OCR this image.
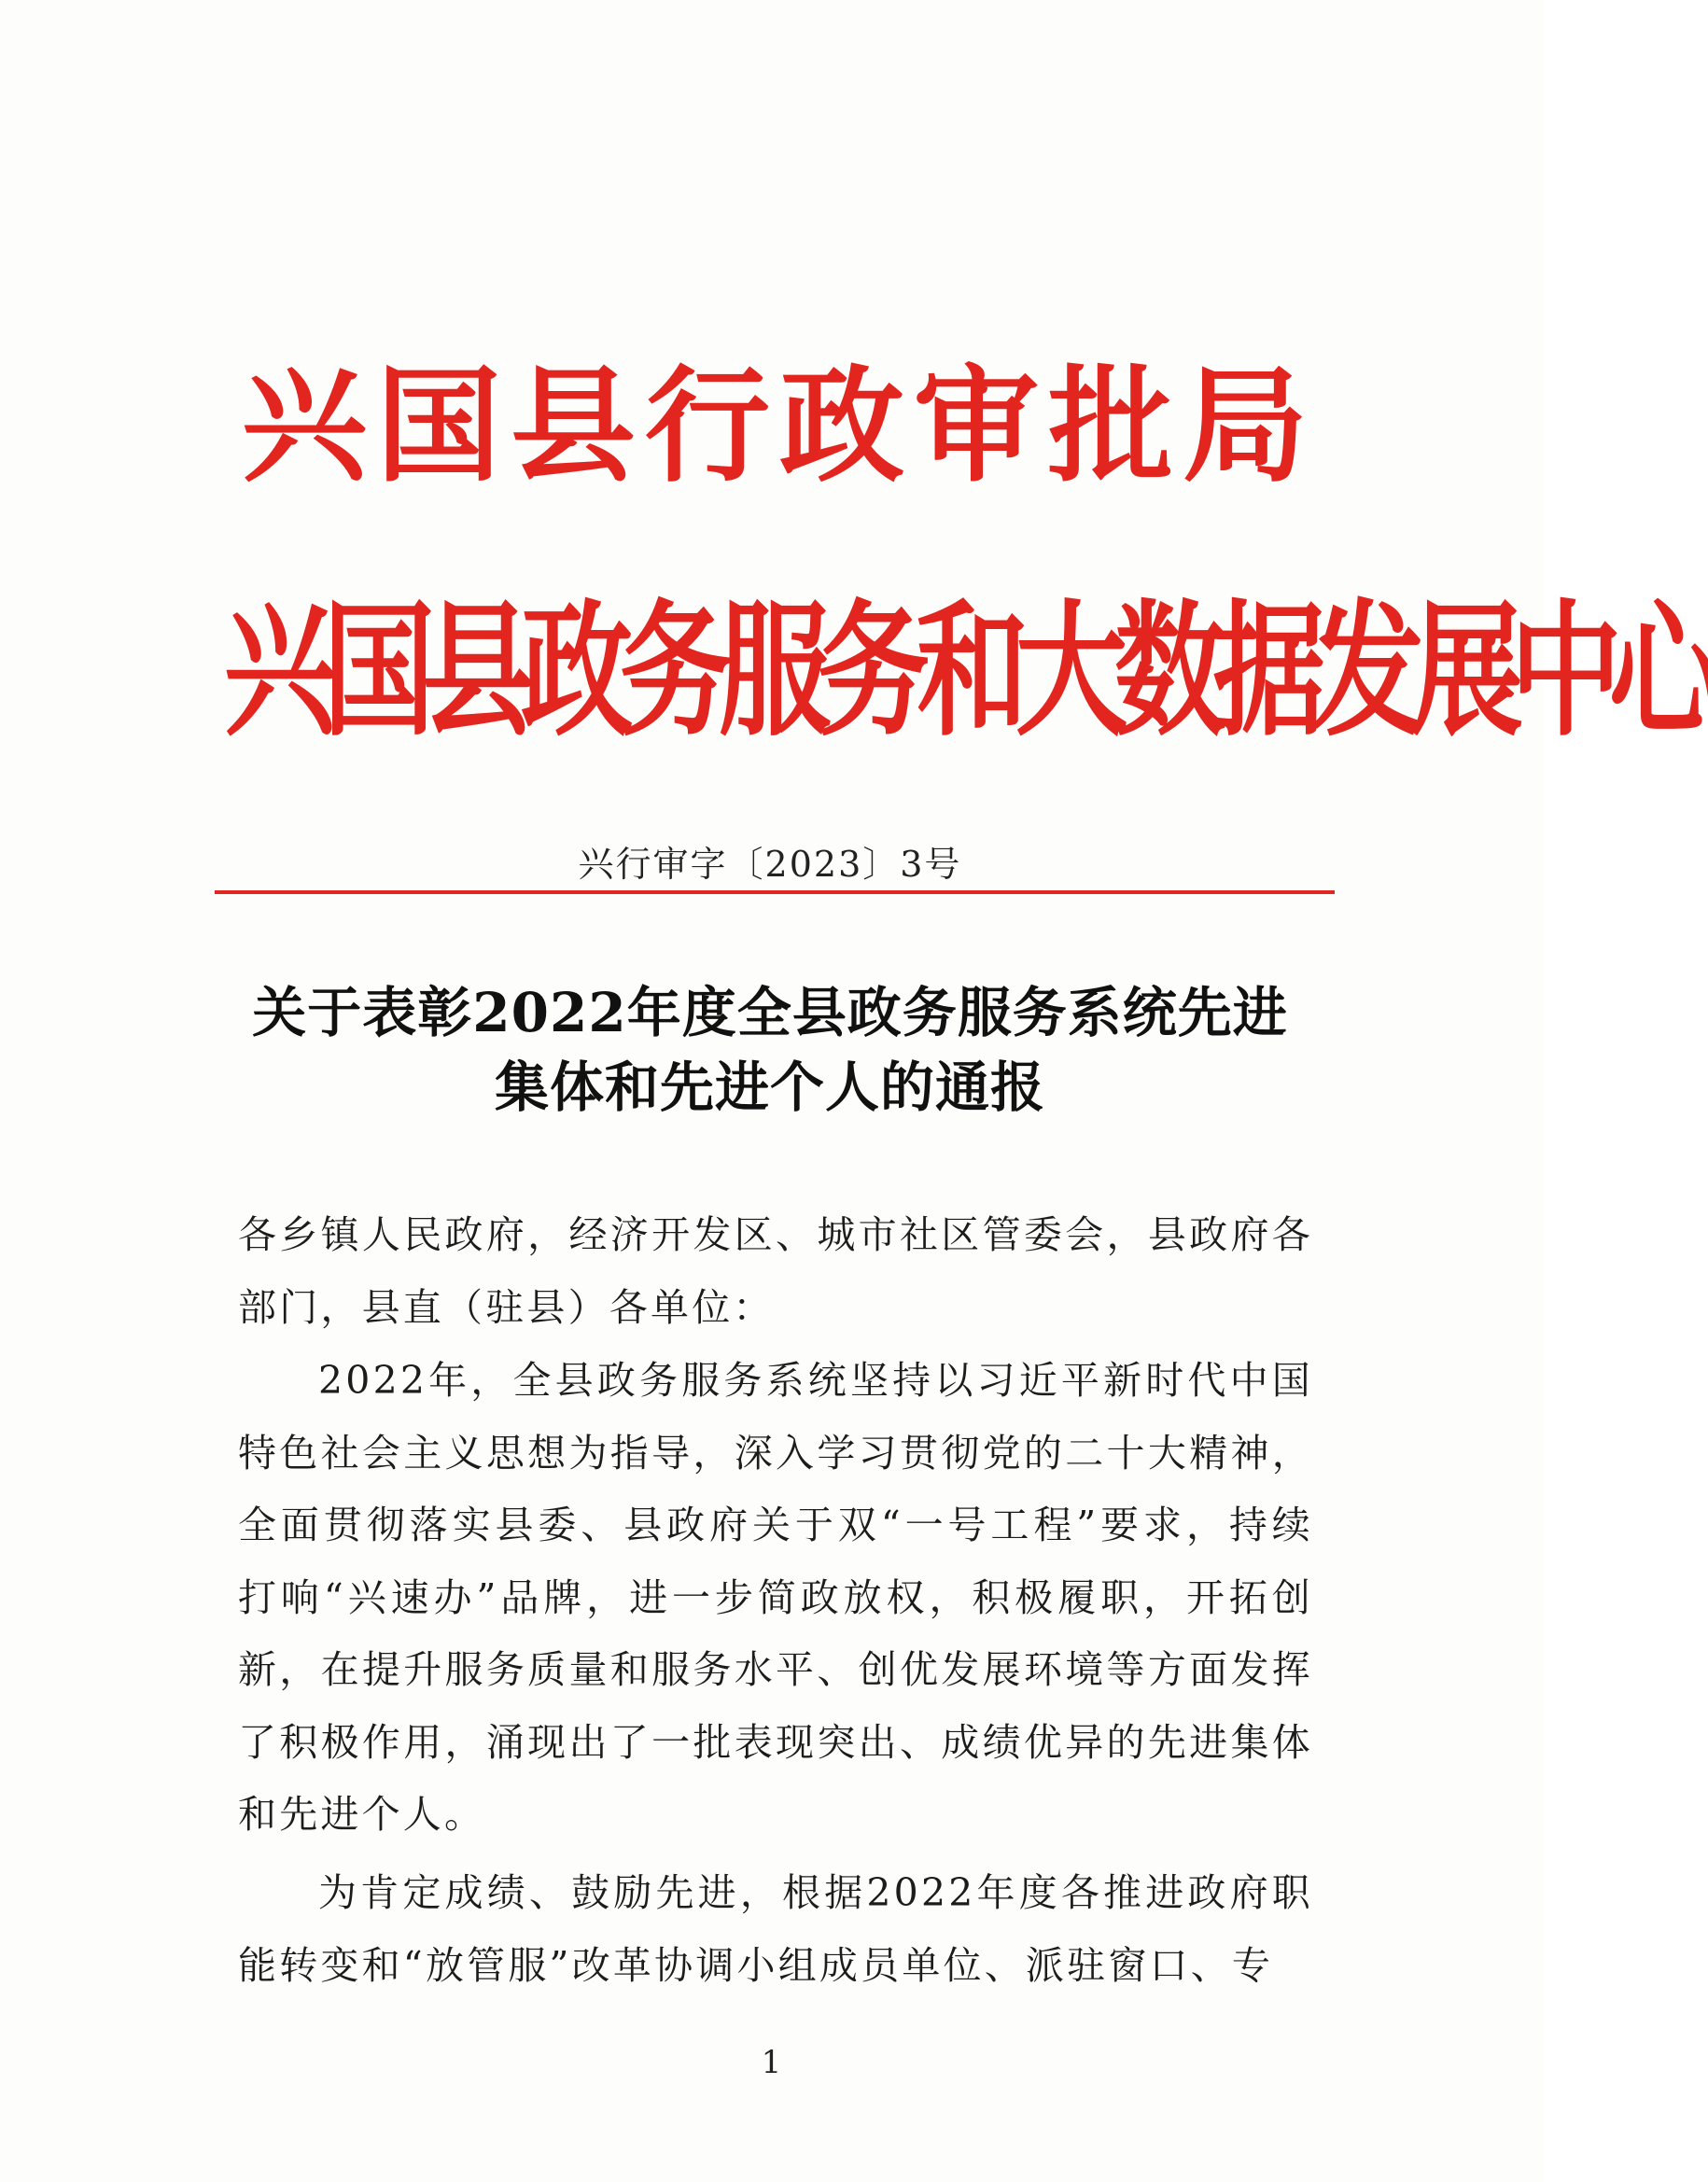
兴国县行政审批局
兴国县政务服务和大数据发展中心
兴行审字〔2023〕3号
关于表彰2022年度全县政务服务系统先进
集体和先进个人的通报

各乡镇人民政府，经济开发区、城市社区管委会，县政府各部门，县直（驻县）各单位：

2022年，全县政务服务系统坚持以习近平新时代中国特色社会主义思想为指导，深入学习贯彻党的二十大精神，全面贯彻落实县委、县政府关于双“一号工程”要求，持续打响“兴速办”品牌，进一步简政放权，积极履职，开拓创新，在提升服务质量和服务水平、创优发展环境等方面发挥了积极作用，涌现出了一批表现突出、成绩优异的先进集体和先进个人。

为肯定成绩、鼓励先进，根据2022年度各推进政府职能转变和“放管服”改革协调小组成员单位、派驻窗口、专

1
